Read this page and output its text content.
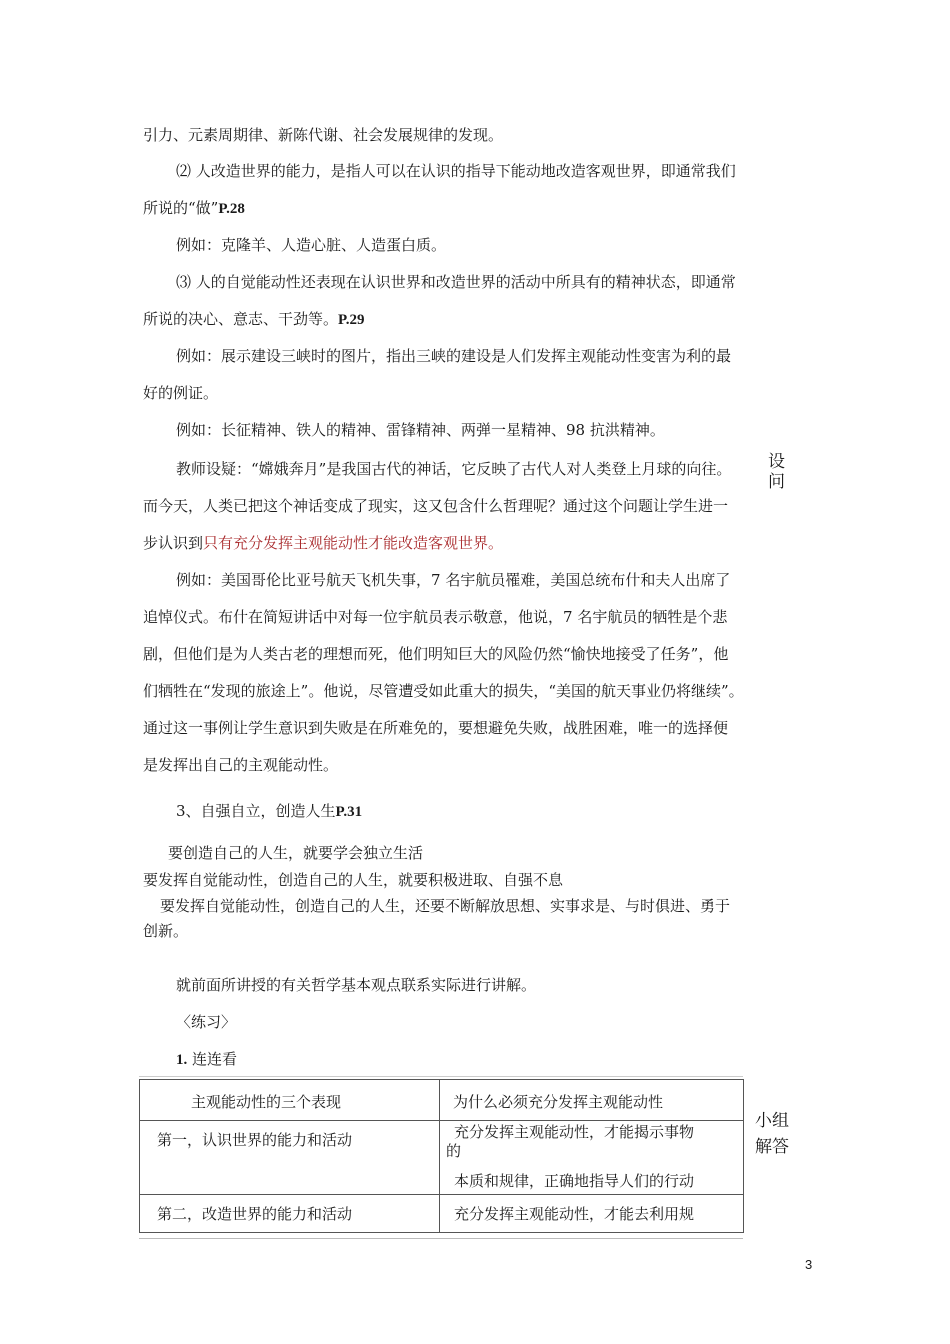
引力、元素周期律、新陈代谢、社会发展规律的发现。
⑵ 人改造世界的能力，是指人可以在认识的指导下能动地改造客观世界，即通常我们
所说的“做”P.28
例如：克隆羊、人造心脏、人造蛋白质。
⑶ 人的自觉能动性还表现在认识世界和改造世界的活动中所具有的精神状态，即通常
所说的决心、意志、干劲等。P.29
例如：展示建设三峡时的图片，指出三峡的建设是人们发挥主观能动性变害为利的最
好的例证。
例如：长征精神、铁人的精神、雷锋精神、两弹一星精神、98 抗洪精神。
教师设疑：“嫦娥奔月”是我国古代的神话，它反映了古代人对人类登上月球的向往。 设
问
而今天，人类已把这个神话变成了现实，这又包含什么哲理呢？通过这个问题让学生进一
步认识到只有充分发挥主观能动性才能改造客观世界。
例如：美国哥伦比亚号航天飞机失事，7 名宇航员罹难，美国总统布什和夫人出席了
追悼仪式。布什在简短讲话中对每一位宇航员表示敬意，他说，7 名宇航员的牺牲是个悲
剧，但他们是为人类古老的理想而死，他们明知巨大的风险仍然“愉快地接受了任务”，他
们牺牲在“发现的旅途上”。他说，尽管遭受如此重大的损失，“美国的航天事业仍将继续”。
通过这一事例让学生意识到失败是在所难免的，要想避免失败，战胜困难，唯一的选择便
是发挥出自己的主观能动性。
3、自强自立，创造人生P.31
要创造自己的人生，就要学会独立生活
要发挥自觉能动性，创造自己的人生，就要积极进取、自强不息
要发挥自觉能动性，创造自己的人生，还要不断解放思想、实事求是、与时俱进、勇于
创新。
就前面所讲授的有关哲学基本观点联系实际进行讲解。
〈练习〉
1. 连连看
主观能动性的三个表现	为什么必须充分发挥主观能动性

第一，认识世界的能力和活动	充分发挥主观能动性，才能揭示事物
的
本质和规律，正确地指导人们的行动

第二，改造世界的能力和活动	充分发挥主观能动性，才能去利用规
小组
解答
3
